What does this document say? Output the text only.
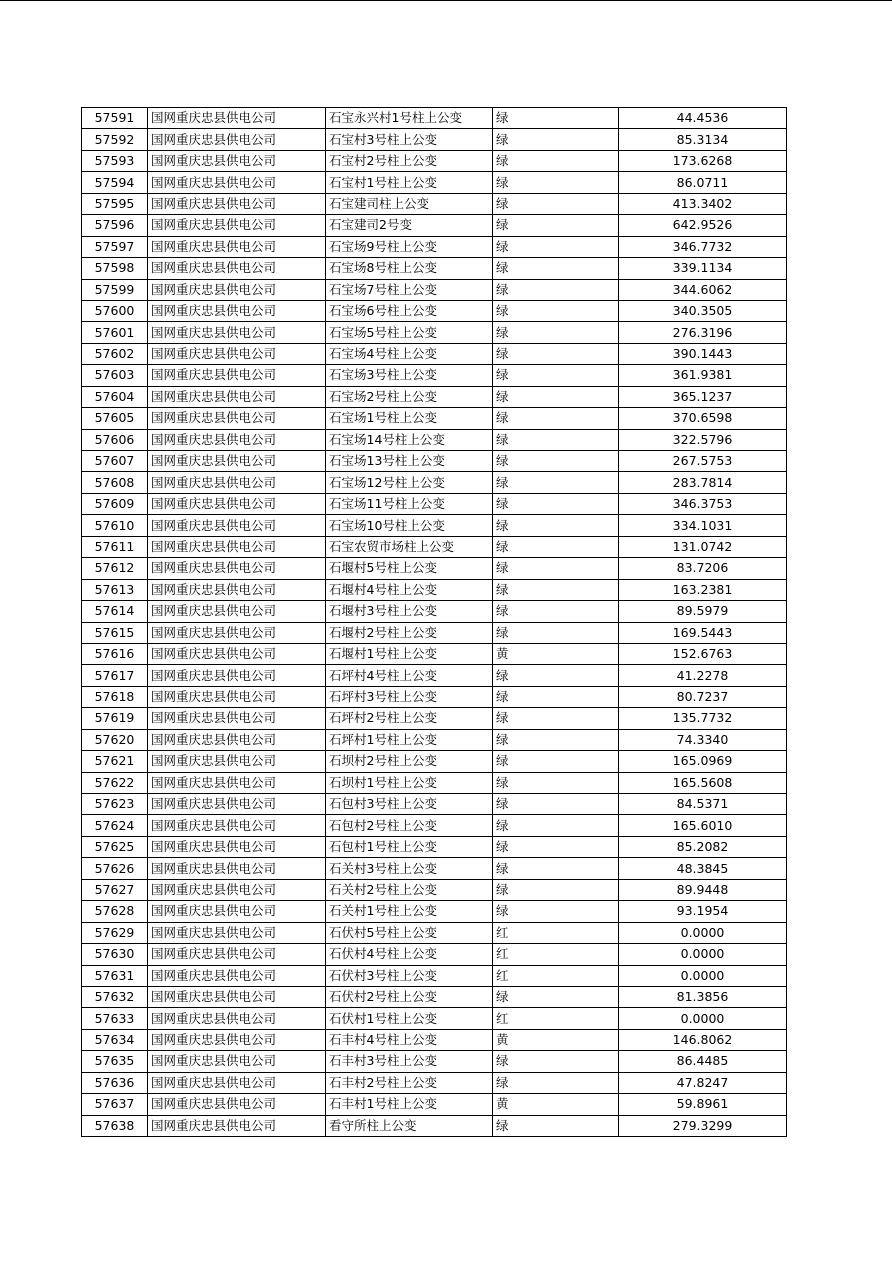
57591	国网重庆忠县供电公司	石宝永兴村1号柱上公变	绿	44.4536
57592	国网重庆忠县供电公司	石宝村3号柱上公变	绿	85.3134
57593	国网重庆忠县供电公司	石宝村2号柱上公变	绿	173.6268
57594	国网重庆忠县供电公司	石宝村1号柱上公变	绿	86.0711
57595	国网重庆忠县供电公司	石宝建司柱上公变	绿	413.3402
57596	国网重庆忠县供电公司	石宝建司2号变	绿	642.9526
57597	国网重庆忠县供电公司	石宝场9号柱上公变	绿	346.7732
57598	国网重庆忠县供电公司	石宝场8号柱上公变	绿	339.1134
57599	国网重庆忠县供电公司	石宝场7号柱上公变	绿	344.6062
57600	国网重庆忠县供电公司	石宝场6号柱上公变	绿	340.3505
57601	国网重庆忠县供电公司	石宝场5号柱上公变	绿	276.3196
57602	国网重庆忠县供电公司	石宝场4号柱上公变	绿	390.1443
57603	国网重庆忠县供电公司	石宝场3号柱上公变	绿	361.9381
57604	国网重庆忠县供电公司	石宝场2号柱上公变	绿	365.1237
57605	国网重庆忠县供电公司	石宝场1号柱上公变	绿	370.6598
57606	国网重庆忠县供电公司	石宝场14号柱上公变	绿	322.5796
57607	国网重庆忠县供电公司	石宝场13号柱上公变	绿	267.5753
57608	国网重庆忠县供电公司	石宝场12号柱上公变	绿	283.7814
57609	国网重庆忠县供电公司	石宝场11号柱上公变	绿	346.3753
57610	国网重庆忠县供电公司	石宝场10号柱上公变	绿	334.1031
57611	国网重庆忠县供电公司	石宝农贸市场柱上公变	绿	131.0742
57612	国网重庆忠县供电公司	石堰村5号柱上公变	绿	83.7206
57613	国网重庆忠县供电公司	石堰村4号柱上公变	绿	163.2381
57614	国网重庆忠县供电公司	石堰村3号柱上公变	绿	89.5979
57615	国网重庆忠县供电公司	石堰村2号柱上公变	绿	169.5443
57616	国网重庆忠县供电公司	石堰村1号柱上公变	黄	152.6763
57617	国网重庆忠县供电公司	石坪村4号柱上公变	绿	41.2278
57618	国网重庆忠县供电公司	石坪村3号柱上公变	绿	80.7237
57619	国网重庆忠县供电公司	石坪村2号柱上公变	绿	135.7732
57620	国网重庆忠县供电公司	石坪村1号柱上公变	绿	74.3340
57621	国网重庆忠县供电公司	石坝村2号柱上公变	绿	165.0969
57622	国网重庆忠县供电公司	石坝村1号柱上公变	绿	165.5608
57623	国网重庆忠县供电公司	石包村3号柱上公变	绿	84.5371
57624	国网重庆忠县供电公司	石包村2号柱上公变	绿	165.6010
57625	国网重庆忠县供电公司	石包村1号柱上公变	绿	85.2082
57626	国网重庆忠县供电公司	石关村3号柱上公变	绿	48.3845
57627	国网重庆忠县供电公司	石关村2号柱上公变	绿	89.9448
57628	国网重庆忠县供电公司	石关村1号柱上公变	绿	93.1954
57629	国网重庆忠县供电公司	石伏村5号柱上公变	红	0.0000
57630	国网重庆忠县供电公司	石伏村4号柱上公变	红	0.0000
57631	国网重庆忠县供电公司	石伏村3号柱上公变	红	0.0000
57632	国网重庆忠县供电公司	石伏村2号柱上公变	绿	81.3856
57633	国网重庆忠县供电公司	石伏村1号柱上公变	红	0.0000
57634	国网重庆忠县供电公司	石丰村4号柱上公变	黄	146.8062
57635	国网重庆忠县供电公司	石丰村3号柱上公变	绿	86.4485
57636	国网重庆忠县供电公司	石丰村2号柱上公变	绿	47.8247
57637	国网重庆忠县供电公司	石丰村1号柱上公变	黄	59.8961
57638	国网重庆忠县供电公司	看守所柱上公变	绿	279.3299
